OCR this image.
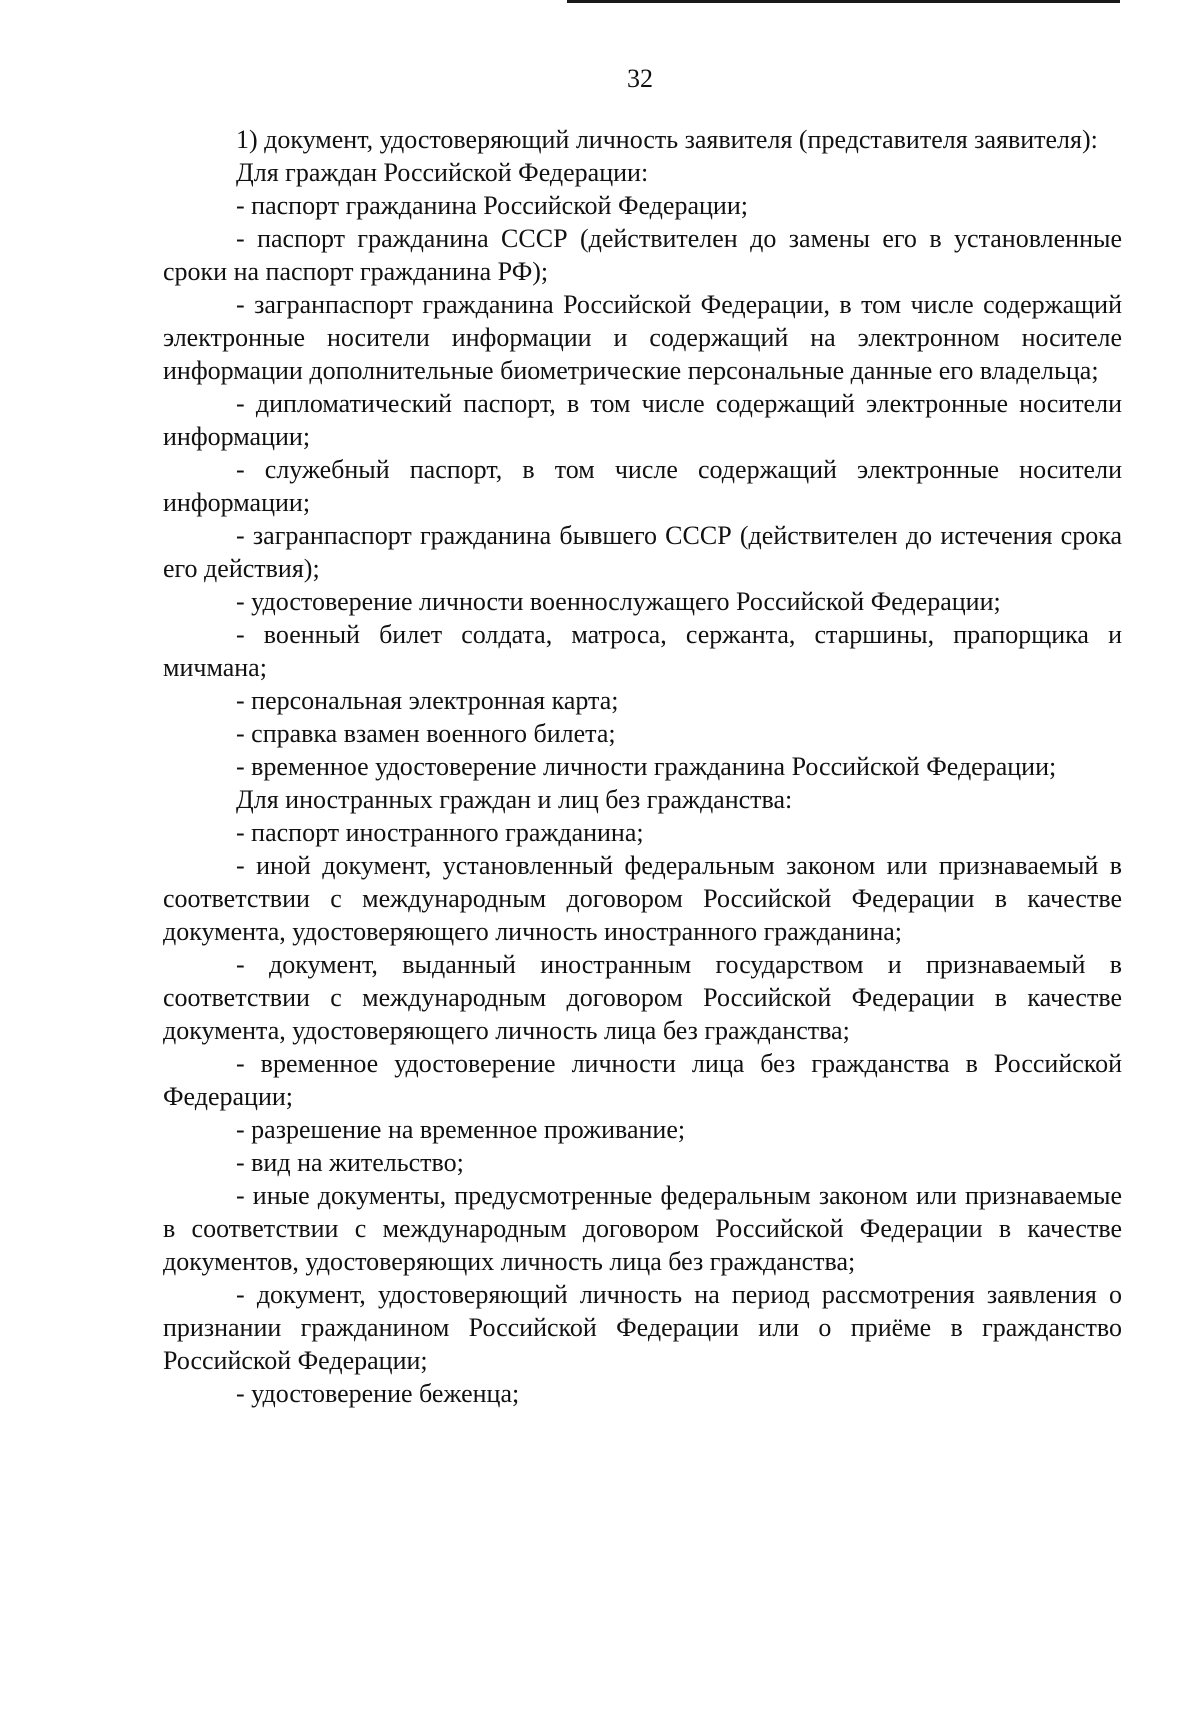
32

1) документ, удостоверяющий личность заявителя (представителя заявителя):

Для граждан Российской Федерации:

- паспорт гражданина Российской Федерации;

- паспорт гражданина СССР (действителен до замены его в установленные сроки на паспорт гражданина РФ);

- загранпаспорт гражданина Российской Федерации, в том числе содержащий электронные носители информации и содержащий на электронном носителе информации дополнительные биометрические персональные данные его владельца;

- дипломатический паспорт, в том числе содержащий электронные носители информации;

- служебный паспорт, в том числе содержащий электронные носители информации;

- загранпаспорт гражданина бывшего СССР (действителен до истечения срока его действия);

- удостоверение личности военнослужащего Российской Федерации;

- военный билет солдата, матроса, сержанта, старшины, прапорщика и мичмана;

- персональная электронная карта;

- справка взамен военного билета;

- временное удостоверение личности гражданина Российской Федерации;

Для иностранных граждан и лиц без гражданства:

- паспорт иностранного гражданина;

- иной документ, установленный федеральным законом или признаваемый в соответствии с международным договором Российской Федерации в качестве документа, удостоверяющего личность иностранного гражданина;

- документ, выданный иностранным государством и признаваемый в соответствии с международным договором Российской Федерации в качестве документа, удостоверяющего личность лица без гражданства;

- временное удостоверение личности лица без гражданства в Российской Федерации;

- разрешение на временное проживание;

- вид на жительство;

- иные документы, предусмотренные федеральным законом или признаваемые в соответствии с международным договором Российской Федерации в качестве документов, удостоверяющих личность лица без гражданства;

- документ, удостоверяющий личность на период рассмотрения заявления о признании гражданином Российской Федерации или о приёме в гражданство Российской Федерации;

- удостоверение беженца;
